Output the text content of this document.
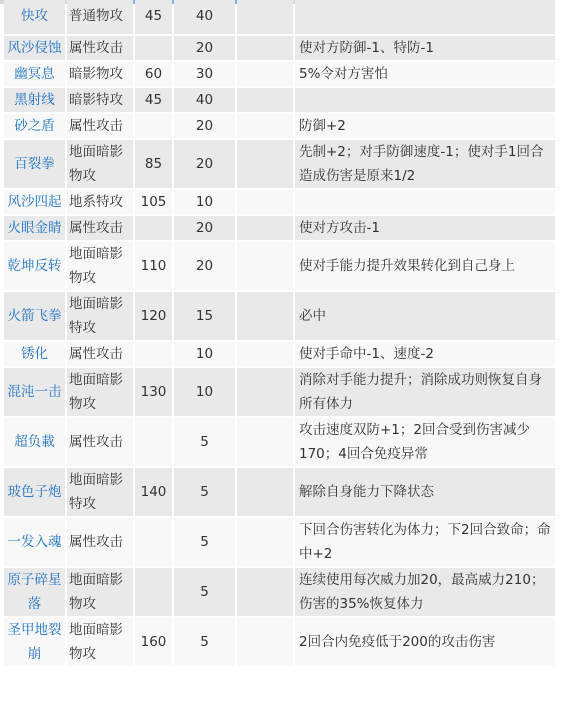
快攻	普通物攻	45	40		
风沙侵蚀	属性攻击		20		使对方防御-1、特防-1
幽冥息	暗影物攻	60	30		5%令对方害怕
黑射线	暗影特攻	45	40		
砂之盾	属性攻击		20		防御+2
百裂拳	地面暗影物攻	85	20		先制+2；对手防御速度-1；使对手1回合造成伤害是原来1/2
风沙四起	地系特攻	105	10		
火眼金睛	属性攻击		20		使对方攻击-1
乾坤反转	地面暗影物攻	110	20		使对手能力提升效果转化到自己身上
火箭飞拳	地面暗影特攻	120	15		必中
锈化	属性攻击		10		使对手命中-1、速度-2
混沌一击	地面暗影物攻	130	10		消除对手能力提升；消除成功则恢复自身所有体力
超负載	属性攻击		5		攻击速度双防+1；2回合受到伤害减少170；4回合免疫异常
玻色子炮	地面暗影特攻	140	5		解除自身能力下降状态
一发入魂	属性攻击		5		下回合伤害转化为体力；下2回合致命；命中+2
原子碎星落	地面暗影物攻		5		连续使用每次威力加20，最高威力210；伤害的35%恢复体力
圣甲地裂崩	地面暗影物攻	160	5		2回合内免疫低于200的攻击伤害
